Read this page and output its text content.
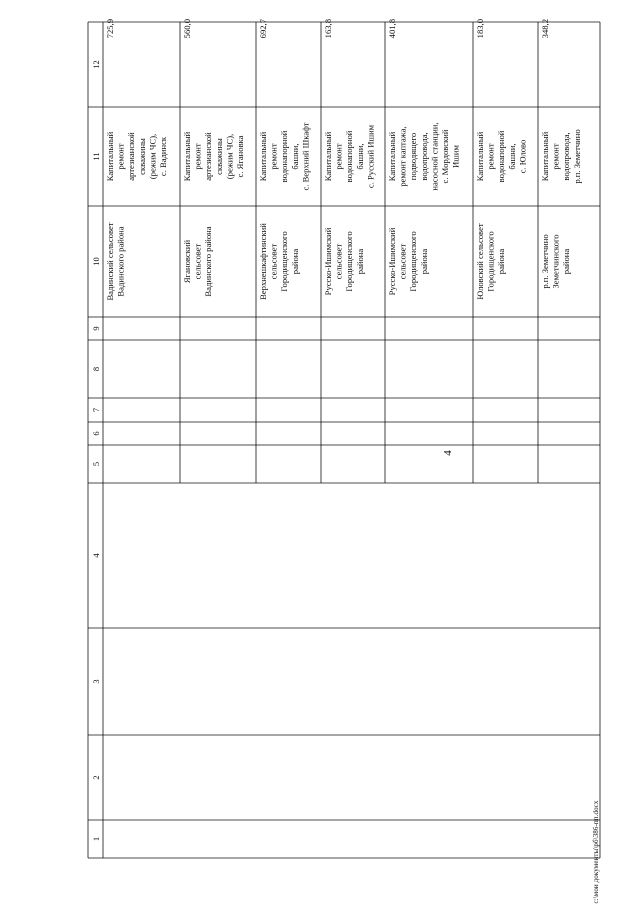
4
1
2
3
4
5
6
7
8
9
10
11
12
Вадинский сельсовет Вадинского района
Капитальный ремонт артезианской скважины (режим ЧС), с. Вадинск
725,9
Ягановский сельсовет Вадинского района
Капитальный ремонт артезианской скважины (режим ЧС), с. Ягановка
560,0
Верхнешкафтинский сельсовет Городищенского района
Капитальный ремонт водонапорной башни, с. Верхний Шкафт
692,7
Русско-Ишимский сельсовет Городищенского района
Капитальный ремонт водонапорной башни, с. Русский Ишим
163,8
Русско-Ишимский сельсовет Городищенского района
Капитальный ремонт каптажа, подводящего водопровода, насосной станции, с. Мордовский Ишим
401,8
Юловский сельсовет Городищенского района
Капитальный ремонт водонапорной башни, с. Юлово
183,0
р.п. Земетчино Земетчинского района
Капитальный ремонт водопровода, р.п. Земетчино
348,2
c:\мои документы\рб\386-пп.docx
